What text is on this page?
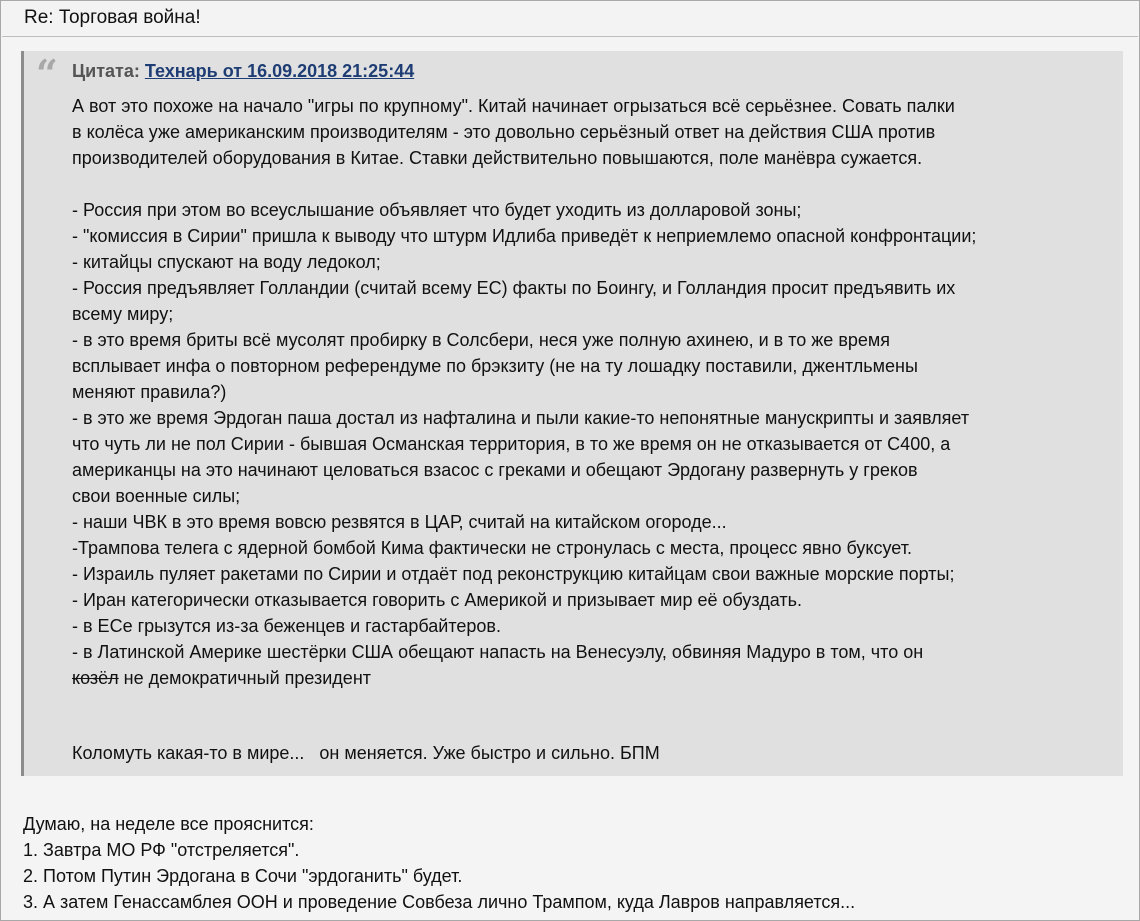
Re: Торговая война!
“ Цитата: Технарь от 16.09.2018 21:25:44

А вот это похоже на начало "игры по крупному". Китай начинает огрызаться всё серьёзнее. Совать палки

в колёса уже американским производителям - это довольно серьёзный ответ на действия США против

производителей оборудования в Китае. Ставки действительно повышаются, поле манёвра сужается.

- Россия при этом во всеуслышание объявляет что будет уходить из долларовой зоны;

- "комиссия в Сирии" пришла к выводу что штурм Идлиба приведёт к неприемлемо опасной конфронтации;

- китайцы спускают на воду ледокол;

- Россия предъявляет Голландии (считай всему ЕС) факты по Боингу, и Голландия просит предъявить их

всему миру;

- в это время бриты всё мусолят пробирку в Солсбери, неся уже полную ахинею, и в то же время

всплывает инфа о повторном референдуме по брэкзиту (не на ту лошадку поставили, джентльмены

меняют правила?)

- в это же время Эрдоган паша достал из нафталина и пыли какие-то непонятные манускрипты и заявляет

что чуть ли не пол Сирии - бывшая Османская территория, в то же время он не отказывается от С400, а

американцы на это начинают целоваться взасос с греками и обещают Эрдогану развернуть у греков

свои военные силы;

- наши ЧВК в это время вовсю резвятся в ЦАР, считай на китайском огороде...

-Трампова телега с ядерной бомбой Кима фактически не стронулась с места, процесс явно буксует.

- Израиль пуляет ракетами по Сирии и отдаёт под реконструкцию китайцам свои важные морские порты;

- Иран категорически отказывается говорить с Америкой и призывает мир её обуздать.

- в ЕСе грызутся из-за беженцев и гастарбайтеров.

- в Латинской Америке шестёрки США обещают напасть на Венесуэлу, обвиняя Мадуро в том, что он

козёл не демократичный президент

Коломуть какая-то в мире...   он меняется. Уже быстро и сильно. БПМ

Думаю, на неделе все прояснится:

1. Завтра МО РФ "отстреляется".

2. Потом Путин Эрдогана в Сочи "эрдоганить" будет.

3. А затем Генассамблея ООН и проведение Совбеза лично Трампом, куда Лавров направляется...
